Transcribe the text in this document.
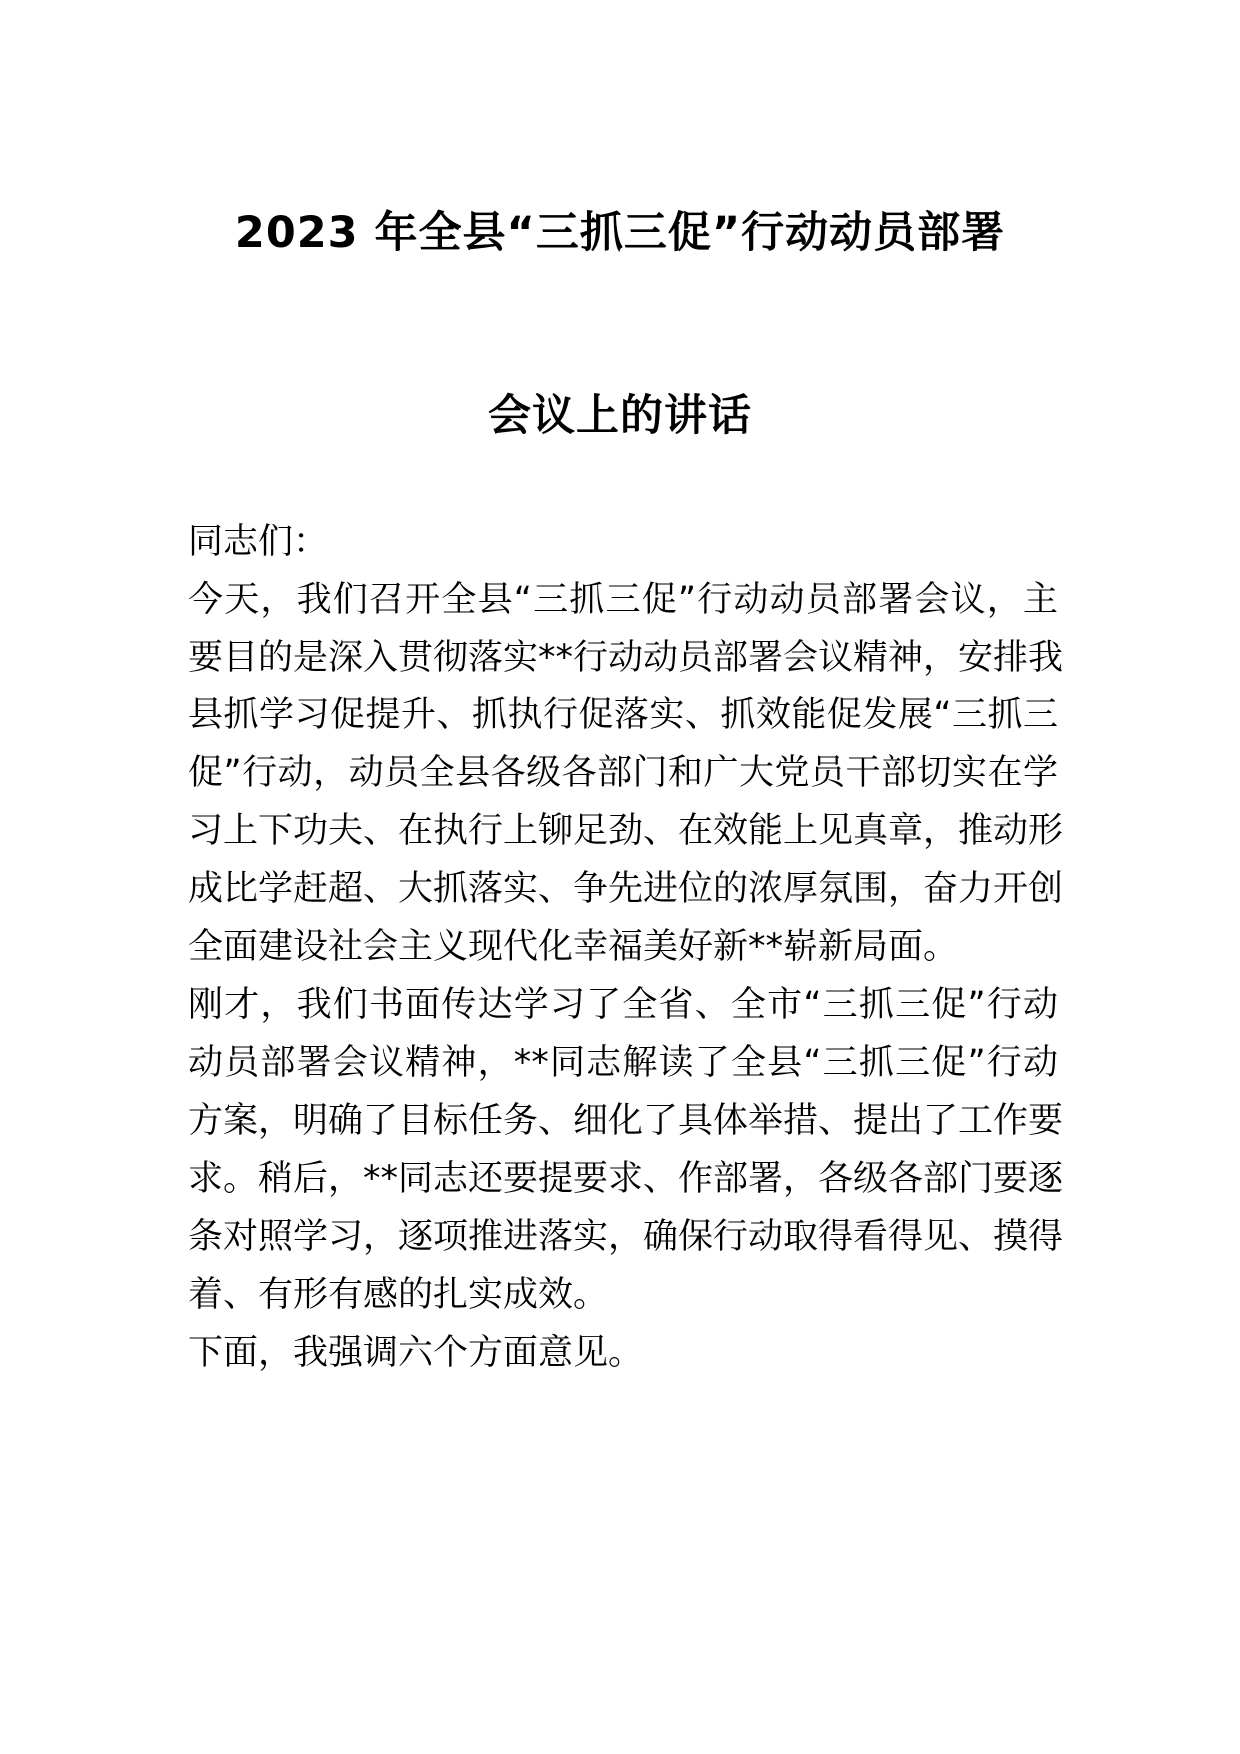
2023 年全县“三抓三促”行动动员部署
会议上的讲话
同志们：
今天，我们召开全县“三抓三促”行动动员部署会议，主
要目的是深入贯彻落实**行动动员部署会议精神，安排我
县抓学习促提升、抓执行促落实、抓效能促发展“三抓三
促”行动，动员全县各级各部门和广大党员干部切实在学
习上下功夫、在执行上铆足劲、在效能上见真章，推动形
成比学赶超、大抓落实、争先进位的浓厚氛围，奋力开创
全面建设社会主义现代化幸福美好新**崭新局面。
刚才，我们书面传达学习了全省、全市“三抓三促”行动
动员部署会议精神，**同志解读了全县“三抓三促”行动
方案，明确了目标任务、细化了具体举措、提出了工作要
求。稍后，**同志还要提要求、作部署，各级各部门要逐
条对照学习，逐项推进落实，确保行动取得看得见、摸得
着、有形有感的扎实成效。
下面，我强调六个方面意见。
